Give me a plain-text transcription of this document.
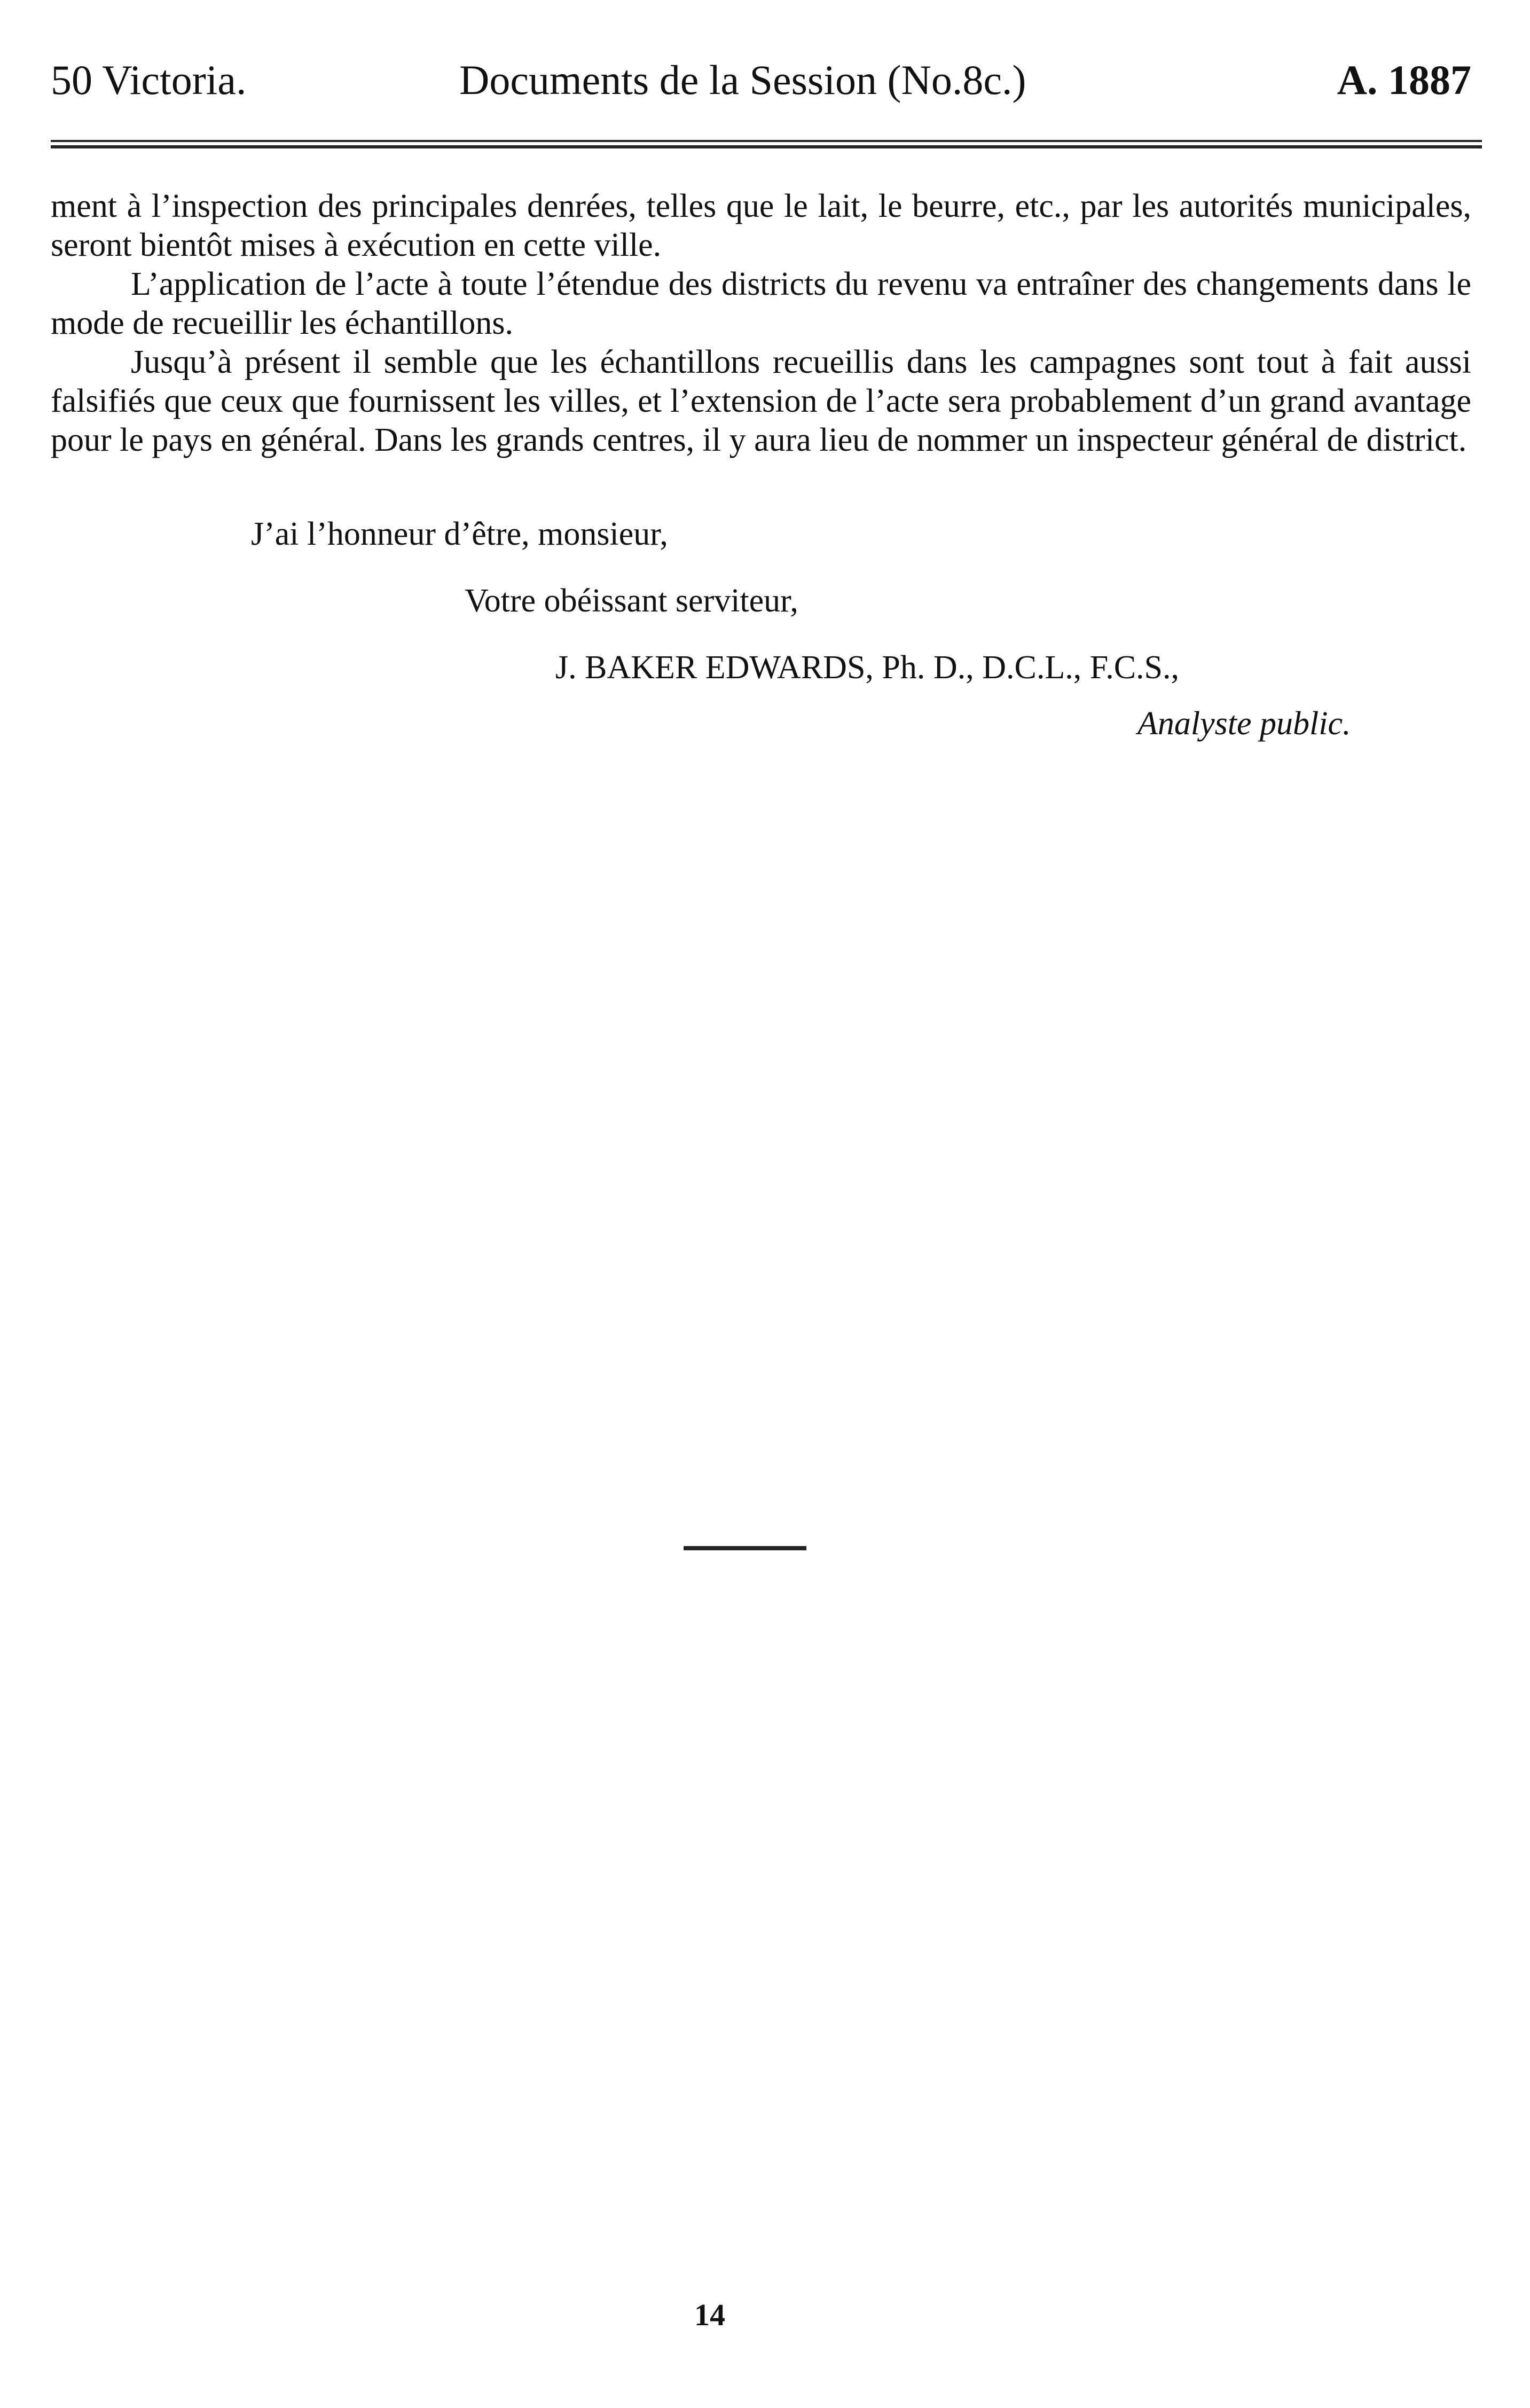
50 Victoria.	Documents de la Session (No.8c.)	A. 1887

ment à l’inspection des principales denrées, telles que le lait, le beurre, etc., par les autorités municipales, seront bientôt mises à exécution en cette ville.

L’application de l’acte à toute l’étendue des districts du revenu va entraîner des changements dans le mode de recueillir les échantillons.

Jusqu’à présent il semble que les échantillons recueillis dans les campagnes sont tout à fait aussi falsifiés que ceux que fournissent les villes, et l’extension de l’acte sera probablement d’un grand avantage pour le pays en général. Dans les grands centres, il y aura lieu de nommer un inspecteur général de district.

J’ai l’honneur d’être, monsieur,
Votre obéissant serviteur,
J. BAKER EDWARDS, Ph. D., D.C.L., F.C.S.,
Analyste public.
14
